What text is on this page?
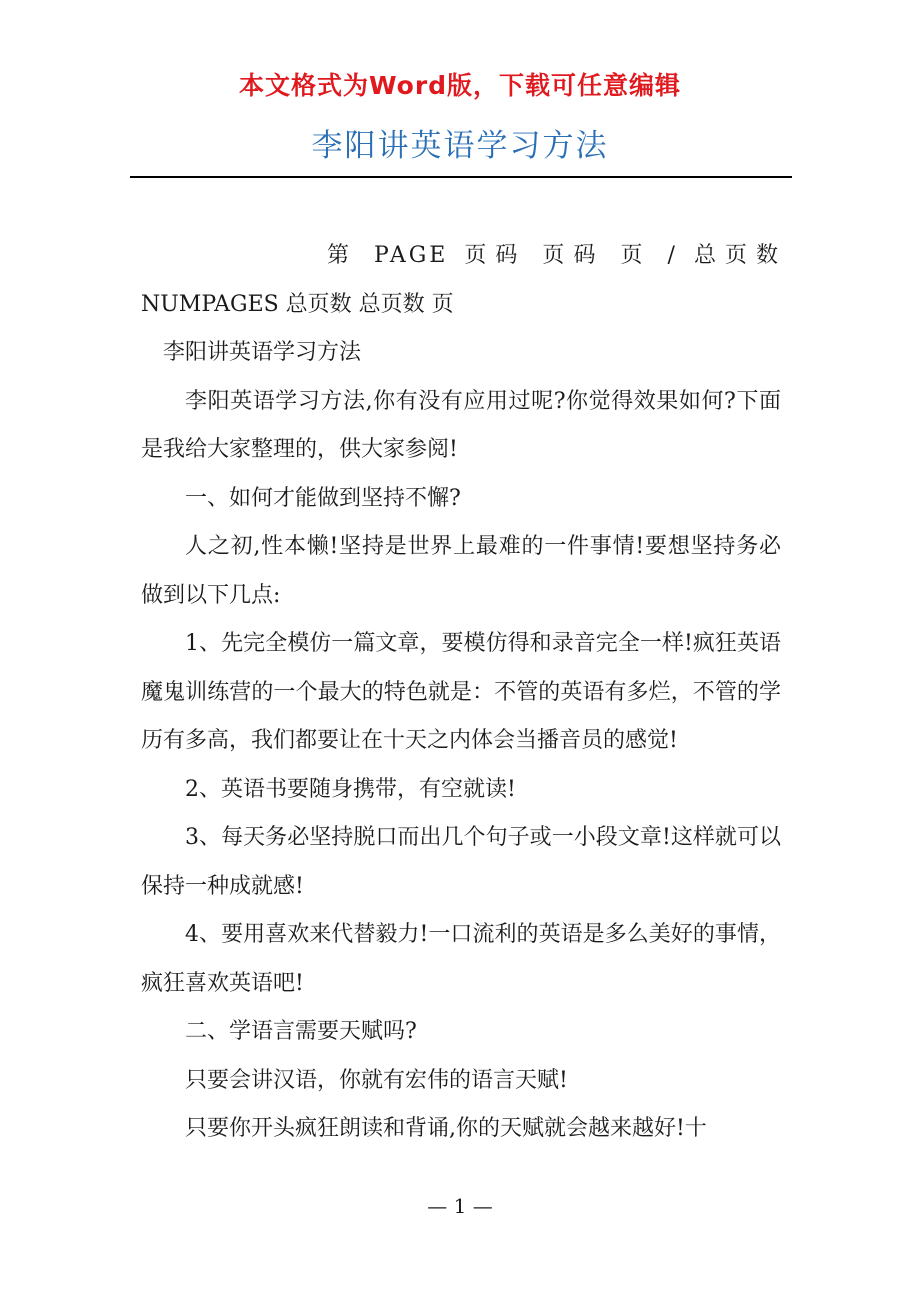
本文格式为Word版，下载可任意编辑
李阳讲英语学习方法

第 PAGE 页码 页码 页 / 总页数

NUMPAGES 总页数 总页数 页

李阳讲英语学习方法

李阳英语学习方法,你有没有应用过呢?你觉得效果如何?下面是我给大家整理的，供大家参阅!

一、如何才能做到坚持不懈?

人之初,性本懒!坚持是世界上最难的一件事情!要想坚持务必做到以下几点:

1、先完全模仿一篇文章，要模仿得和录音完全一样!疯狂英语魔鬼训练营的一个最大的特色就是：不管的英语有多烂，不管的学历有多高，我们都要让在十天之内体会当播音员的感觉!

2、英语书要随身携带，有空就读!

3、每天务必坚持脱口而出几个句子或一小段文章!这样就可以保持一种成就感!

4、要用喜欢来代替毅力!一口流利的英语是多么美好的事情，疯狂喜欢英语吧!

二、学语言需要天赋吗?

只要会讲汉语，你就有宏伟的语言天赋!

只要你开头疯狂朗读和背诵,你的天赋就会越来越好!十

— 1 —
